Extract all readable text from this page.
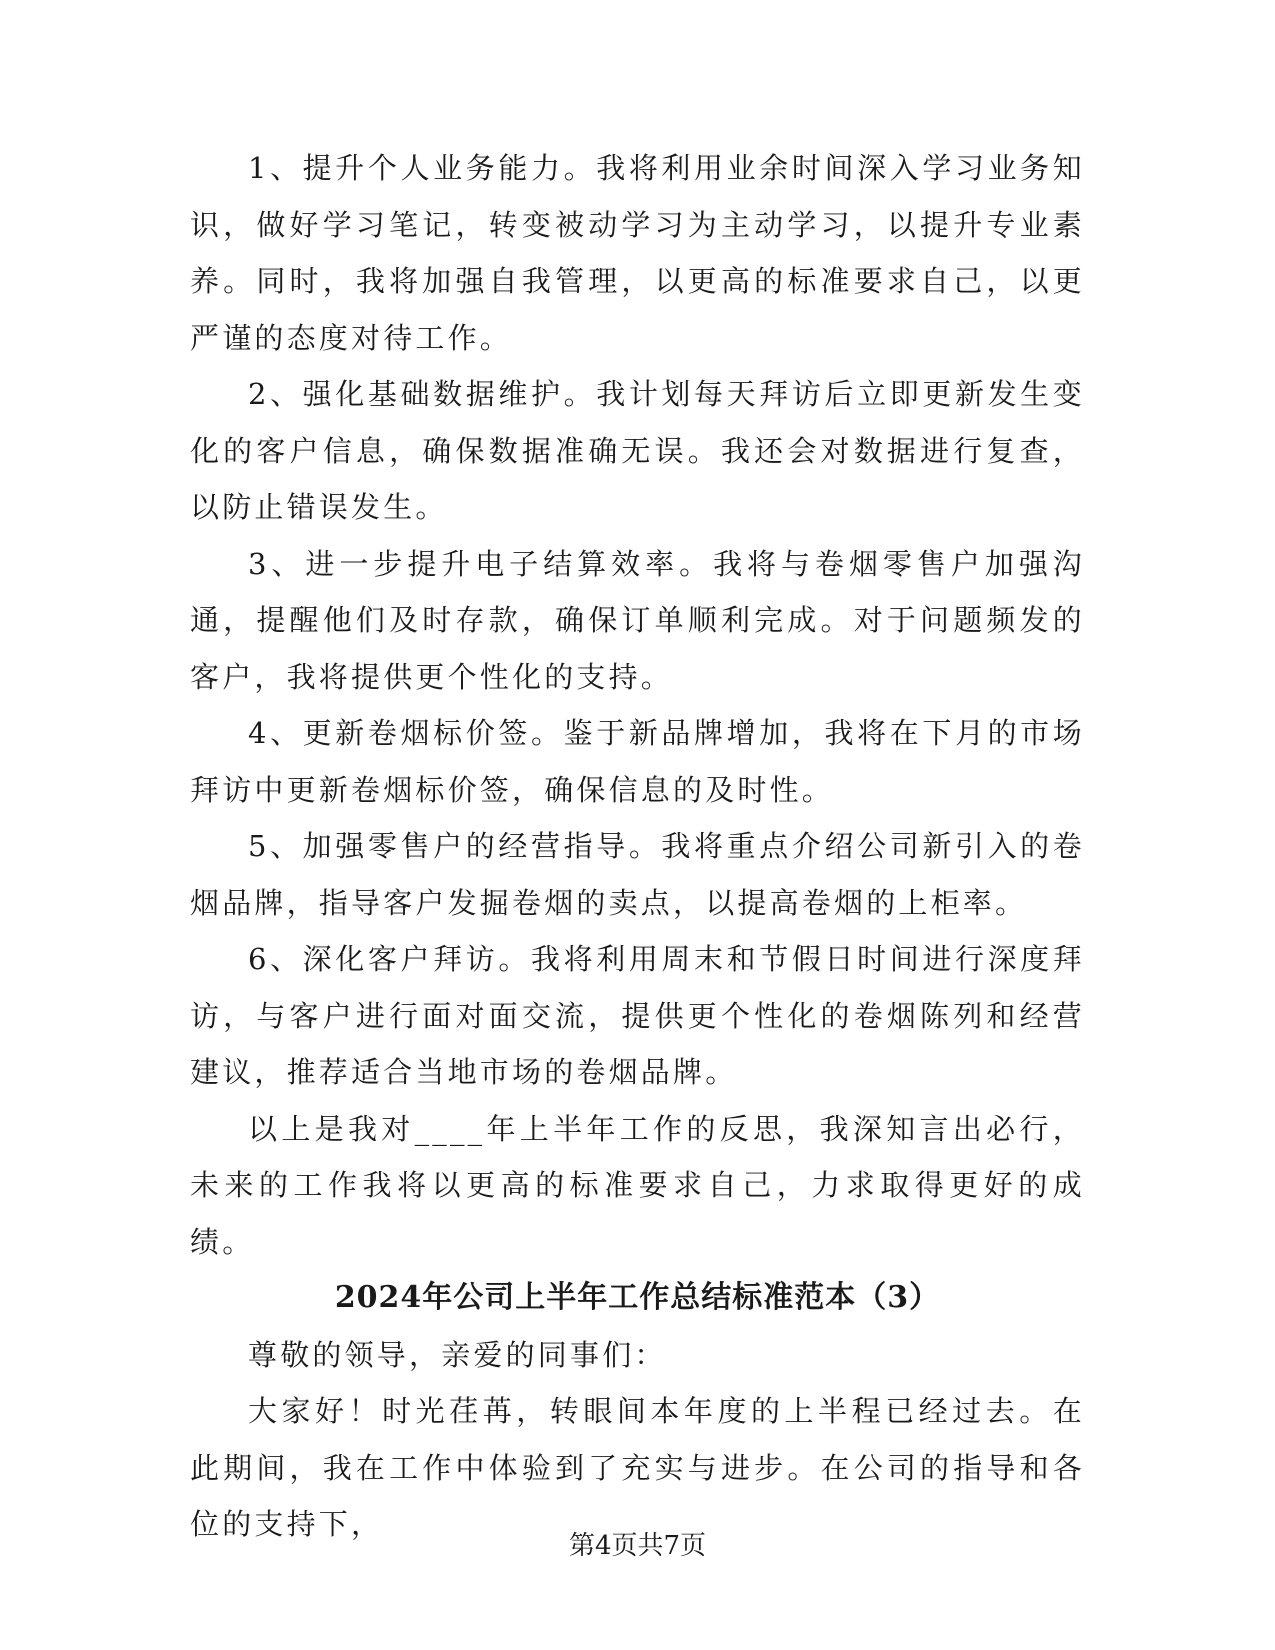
1、提升个人业务能力。我将利用业余时间深入学习业务知识，做好学习笔记，转变被动学习为主动学习，以提升专业素养。同时，我将加强自我管理，以更高的标准要求自己，以更严谨的态度对待工作。

2、强化基础数据维护。我计划每天拜访后立即更新发生变化的客户信息，确保数据准确无误。我还会对数据进行复查，以防止错误发生。

3、进一步提升电子结算效率。我将与卷烟零售户加强沟通，提醒他们及时存款，确保订单顺利完成。对于问题频发的客户，我将提供更个性化的支持。

4、更新卷烟标价签。鉴于新品牌增加，我将在下月的市场拜访中更新卷烟标价签，确保信息的及时性。

5、加强零售户的经营指导。我将重点介绍公司新引入的卷烟品牌，指导客户发掘卷烟的卖点，以提高卷烟的上柜率。

6、深化客户拜访。我将利用周末和节假日时间进行深度拜访，与客户进行面对面交流，提供更个性化的卷烟陈列和经营建议，推荐适合当地市场的卷烟品牌。

以上是我对____年上半年工作的反思，我深知言出必行，未来的工作我将以更高的标准要求自己，力求取得更好的成绩。

2024年公司上半年工作总结标准范本（3）

尊敬的领导，亲爱的同事们：

大家好！时光荏苒，转眼间本年度的上半程已经过去。在此期间，我在工作中体验到了充实与进步。在公司的指导和各位的支持下，

第4页共7页
